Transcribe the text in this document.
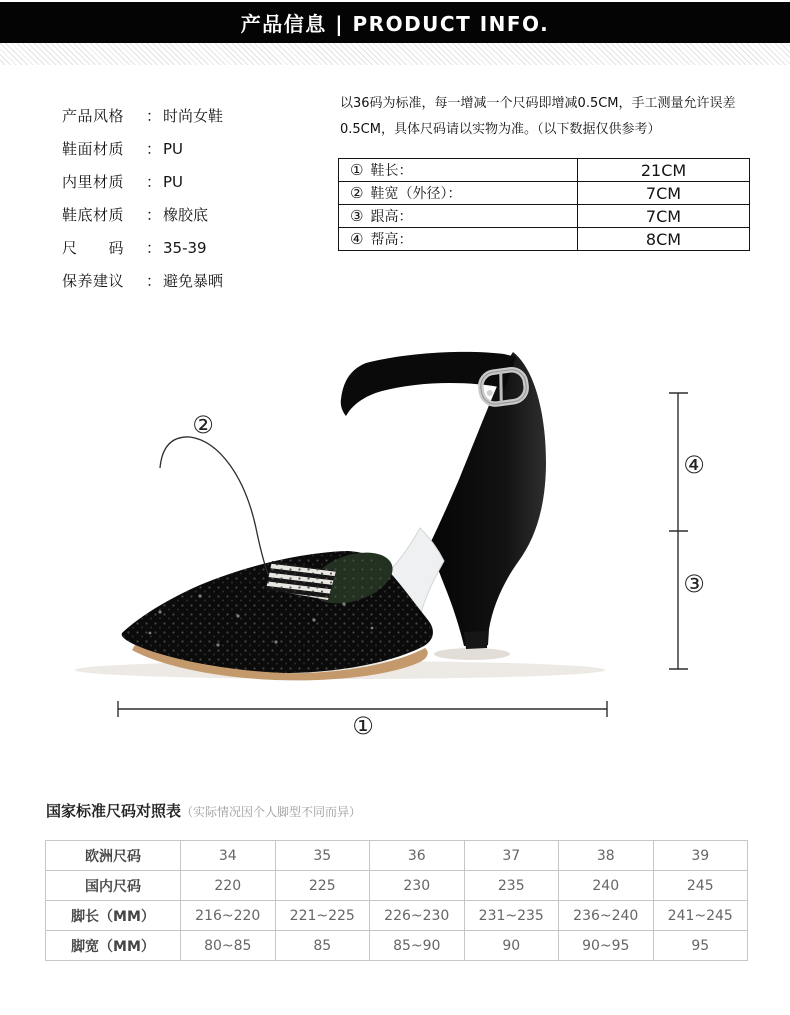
产品信息 | PRODUCT INFO.
产品风格	： 时尚女鞋
鞋面材质	： PU
内里材质	： PU
鞋底材质	： 橡胶底
尺　　码	： 35-39
保养建议	： 避免暴晒
以36码为标准，每一增减一个尺码即增减0.5CM，手工测量允许误差0.5CM，具体尺码请以实物为准。（以下数据仅供参考）
① 鞋长：	21CM
② 鞋宽（外径）：	7CM
③ 跟高：	7CM
④ 帮高：	8CM
①
②
④
③
国家标准尺码对照表（实际情况因个人脚型不同而异）
欧洲尺码	34	35	36	37	38	39
国内尺码	220	225	230	235	240	245
脚长（MM）	216~220	221~225	226~230	231~235	236~240	241~245
脚宽（MM）	80~85	85	85~90	90	90~95	95
